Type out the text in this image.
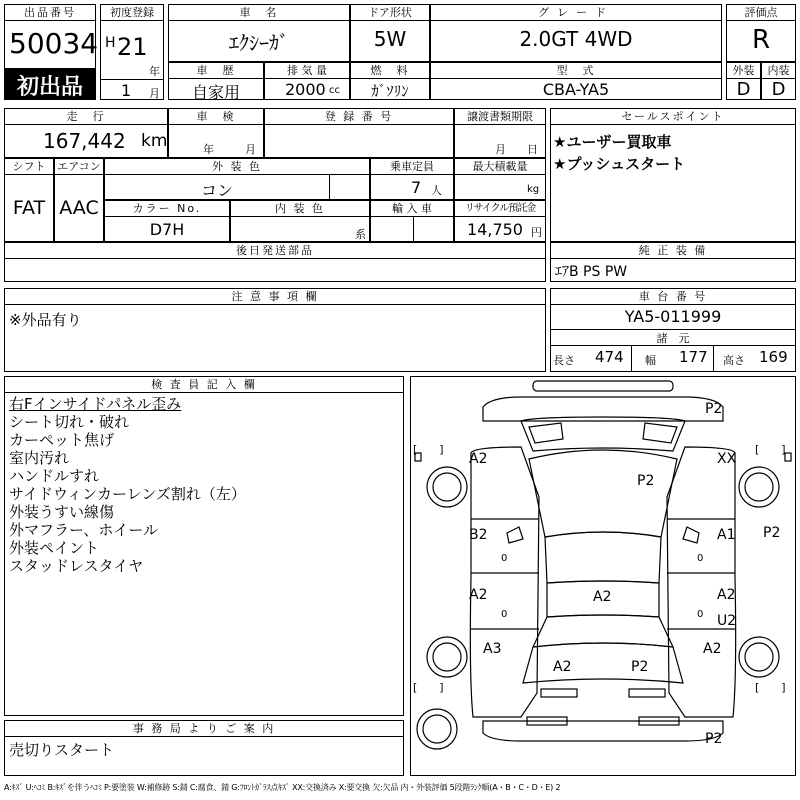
出品番号
50034
初出品
初度登録
H 21
年
1 月
車　名
ｴｸｼｰｶﾞ
ドア形状
5W
グレード
2.0GT 4WD
評価点
R
車　歴
自家用
排 気 量
2000 cc
燃　料
ｶﾞｿﾘﾝ
型　式
CBA-YA5
外装
D
内装
D
走　行
167,442 km
車　検
年	月
登 録 番 号	譲渡書類期限
月 日
シフト
FAT
エアコン
AAC
外 装 色
コン
乗車定員
7 人
最大積載量
kg
カラー No.
D7H
内 装 色
系
輸 入 車	リサイクル預託金
14,750 円
後日発送部品
セールスポイント
★ユーザー買取車
★プッシュスタート
純 正 装 備
ｴｱB PS PW
注 意 事 項 欄
※外品有り
車 台 番 号
YA5-011999
諸　元
長さ 474 幅 177 高さ 169
検 査 員 記 入 欄
右Fインサイドパネル歪み
シート切れ・破れ
カーペット焦げ
室内汚れ
ハンドルすれ
サイドウィンカーレンズ割れ（左）
外装うすい線傷
外マフラー、ホイール
外装ペイント
スタッドレスタイヤ
事 務 局 よ り ご 案 内
売切りスタート
[　　]	[　　]
[　　]	[　　]
0	0
0	0
P2
A2	XX
P2
B2	A1 P2
A2	A2	A2
U2
A3
A2	P2
A2
P2
A:ｷｽﾞ U:ﾍｺﾐ B:ｷｽﾞを伴うﾍｺﾐ P:要塗装 W:補修跡 S:錆 C:腐食、錆 G:ﾌﾛﾝﾄｶﾞﾗｽ点ｷｽﾞ XX:交換済み X:要交換 欠:欠品 内・外装評価 5段階ﾗﾝｸ順(A・B・C・D・E) 2
